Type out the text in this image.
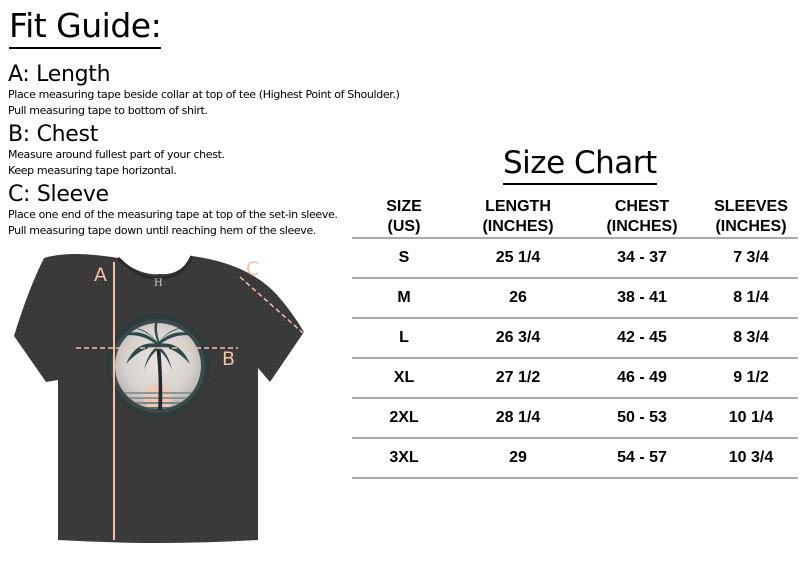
Fit Guide:
A: Length

Place measuring tape beside collar at top of tee (Highest Point of Shoulder.)

Pull measuring tape to bottom of shirt.

B: Chest

Measure around fullest part of your chest.

Keep measuring tape horizontal.

C: Sleeve

Place one end of the measuring tape at top of the set-in sleeve.

Pull measuring tape down until reaching hem of the sleeve.

H
A
B
C
Size Chart
SIZE
(US)

LENGTH
(INCHES)

CHEST
(INCHES)

SLEEVES
(INCHES)

S	25 1/4	34 - 37	7 3/4
M	26	38 - 41	8 1/4
L	26 3/4	42 - 45	8 3/4
XL	27 1/2	46 - 49	9 1/2
2XL	28 1/4	50 - 53	10 1/4
3XL	29	54 - 57	10 3/4
